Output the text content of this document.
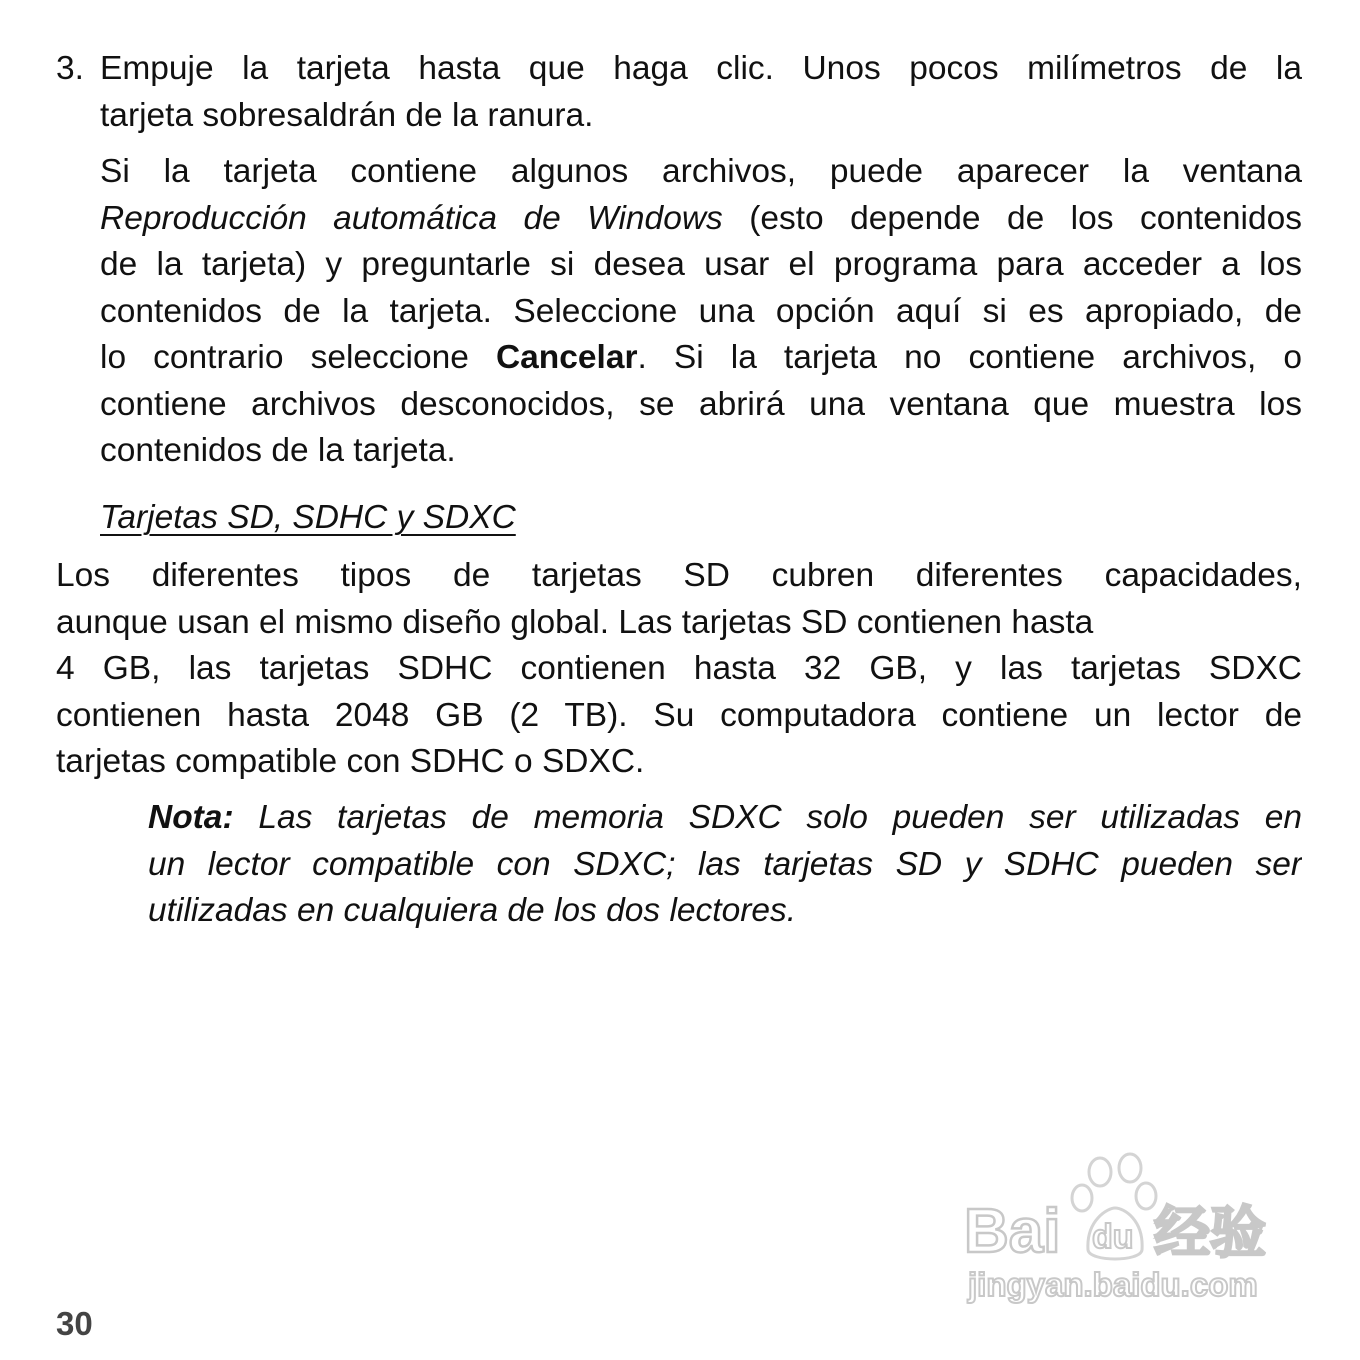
3. Empuje la tarjeta hasta que haga clic. Unos pocos milímetros de la
tarjeta sobresaldrán de la ranura.
Si la tarjeta contiene algunos archivos, puede aparecer la ventana
Reproducción automática de Windows (esto depende de los contenidos
de la tarjeta) y preguntarle si desea usar el programa para acceder a los
contenidos de la tarjeta. Seleccione una opción aquí si es apropiado, de
lo contrario seleccione Cancelar. Si la tarjeta no contiene archivos, o
contiene archivos desconocidos, se abrirá una ventana que muestra los
contenidos de la tarjeta.
Tarjetas SD, SDHC y SDXC
Los diferentes tipos de tarjetas SD cubren diferentes capacidades,
aunque usan el mismo diseño global. Las tarjetas SD contienen hasta
4 GB, las tarjetas SDHC contienen hasta 32 GB, y las tarjetas SDXC
contienen hasta 2048 GB (2 TB). Su computadora contiene un lector de
tarjetas compatible con SDHC o SDXC.
Nota: Las tarjetas de memoria SDXC solo pueden ser utilizadas en
un lector compatible con SDXC; las tarjetas SD y SDHC pueden ser
utilizadas en cualquiera de los dos lectores.
30
Bai du 经验
jingyan.baidu.com
